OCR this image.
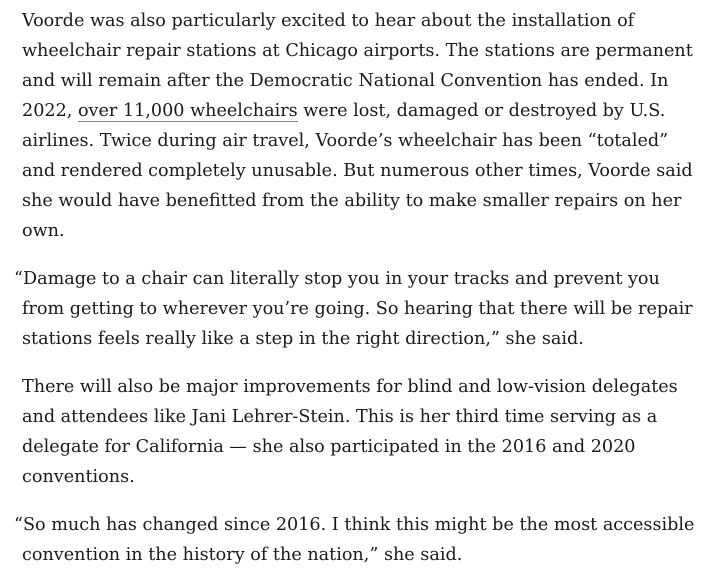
Voorde was also particularly excited to hear about the installation of wheelchair repair stations at Chicago airports. The stations are permanent and will remain after the Democratic National Convention has ended. In 2022, over 11,000 wheelchairs were lost, damaged or destroyed by U.S. airlines. Twice during air travel, Voorde’s wheelchair has been “totaled” and rendered completely unusable. But numerous other times, Voorde said she would have benefitted from the ability to make smaller repairs on her own.

“Damage to a chair can literally stop you in your tracks and prevent you from getting to wherever you’re going. So hearing that there will be repair stations feels really like a step in the right direction,” she said.

There will also be major improvements for blind and low-vision delegates and attendees like Jani Lehrer-Stein. This is her third time serving as a delegate for California — she also participated in the 2016 and 2020 conventions.

“So much has changed since 2016. I think this might be the most accessible convention in the history of the nation,” she said.
